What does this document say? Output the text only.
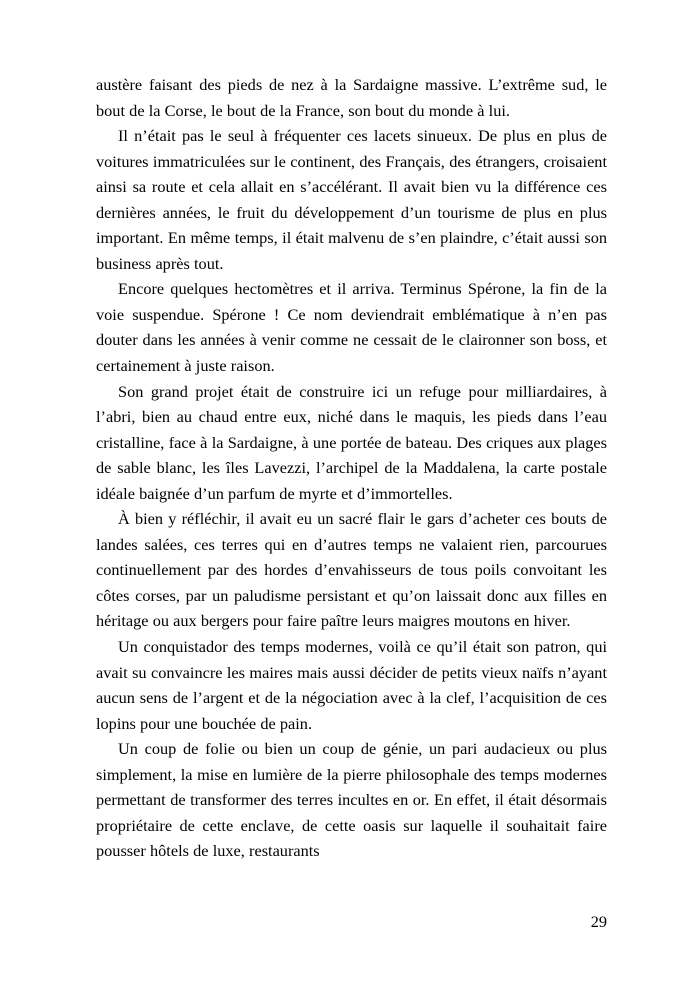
austère faisant des pieds de nez à la Sardaigne massive. L’extrême sud, le bout de la Corse, le bout de la France, son bout du monde à lui.

Il n’était pas le seul à fréquenter ces lacets sinueux. De plus en plus de voitures immatriculées sur le continent, des Français, des étrangers, croisaient ainsi sa route et cela allait en s’accélérant. Il avait bien vu la différence ces dernières années, le fruit du développement d’un tourisme de plus en plus important. En même temps, il était malvenu de s’en plaindre, c’était aussi son business après tout.

Encore quelques hectomètres et il arriva. Terminus Spérone, la fin de la voie suspendue. Spérone ! Ce nom deviendrait emblématique à n’en pas douter dans les années à venir comme ne cessait de le claironner son boss, et certainement à juste raison.

Son grand projet était de construire ici un refuge pour milliardaires, à l’abri, bien au chaud entre eux, niché dans le maquis, les pieds dans l’eau cristalline, face à la Sardaigne, à une portée de bateau. Des criques aux plages de sable blanc, les îles Lavezzi, l’archipel de la Maddalena, la carte postale idéale baignée d’un parfum de myrte et d’immortelles.

À bien y réfléchir, il avait eu un sacré flair le gars d’acheter ces bouts de landes salées, ces terres qui en d’autres temps ne valaient rien, parcourues continuellement par des hordes d’envahisseurs de tous poils convoitant les côtes corses, par un paludisme persistant et qu’on laissait donc aux filles en héritage ou aux bergers pour faire paître leurs maigres moutons en hiver.

Un conquistador des temps modernes, voilà ce qu’il était son patron, qui avait su convaincre les maires mais aussi décider de petits vieux naïfs n’ayant aucun sens de l’argent et de la négociation avec à la clef, l’acquisition de ces lopins pour une bouchée de pain.

Un coup de folie ou bien un coup de génie, un pari audacieux ou plus simplement, la mise en lumière de la pierre philosophale des temps modernes permettant de transformer des terres incultes en or. En effet, il était désormais propriétaire de cette enclave, de cette oasis sur laquelle il souhaitait faire pousser hôtels de luxe, restaurants

29
